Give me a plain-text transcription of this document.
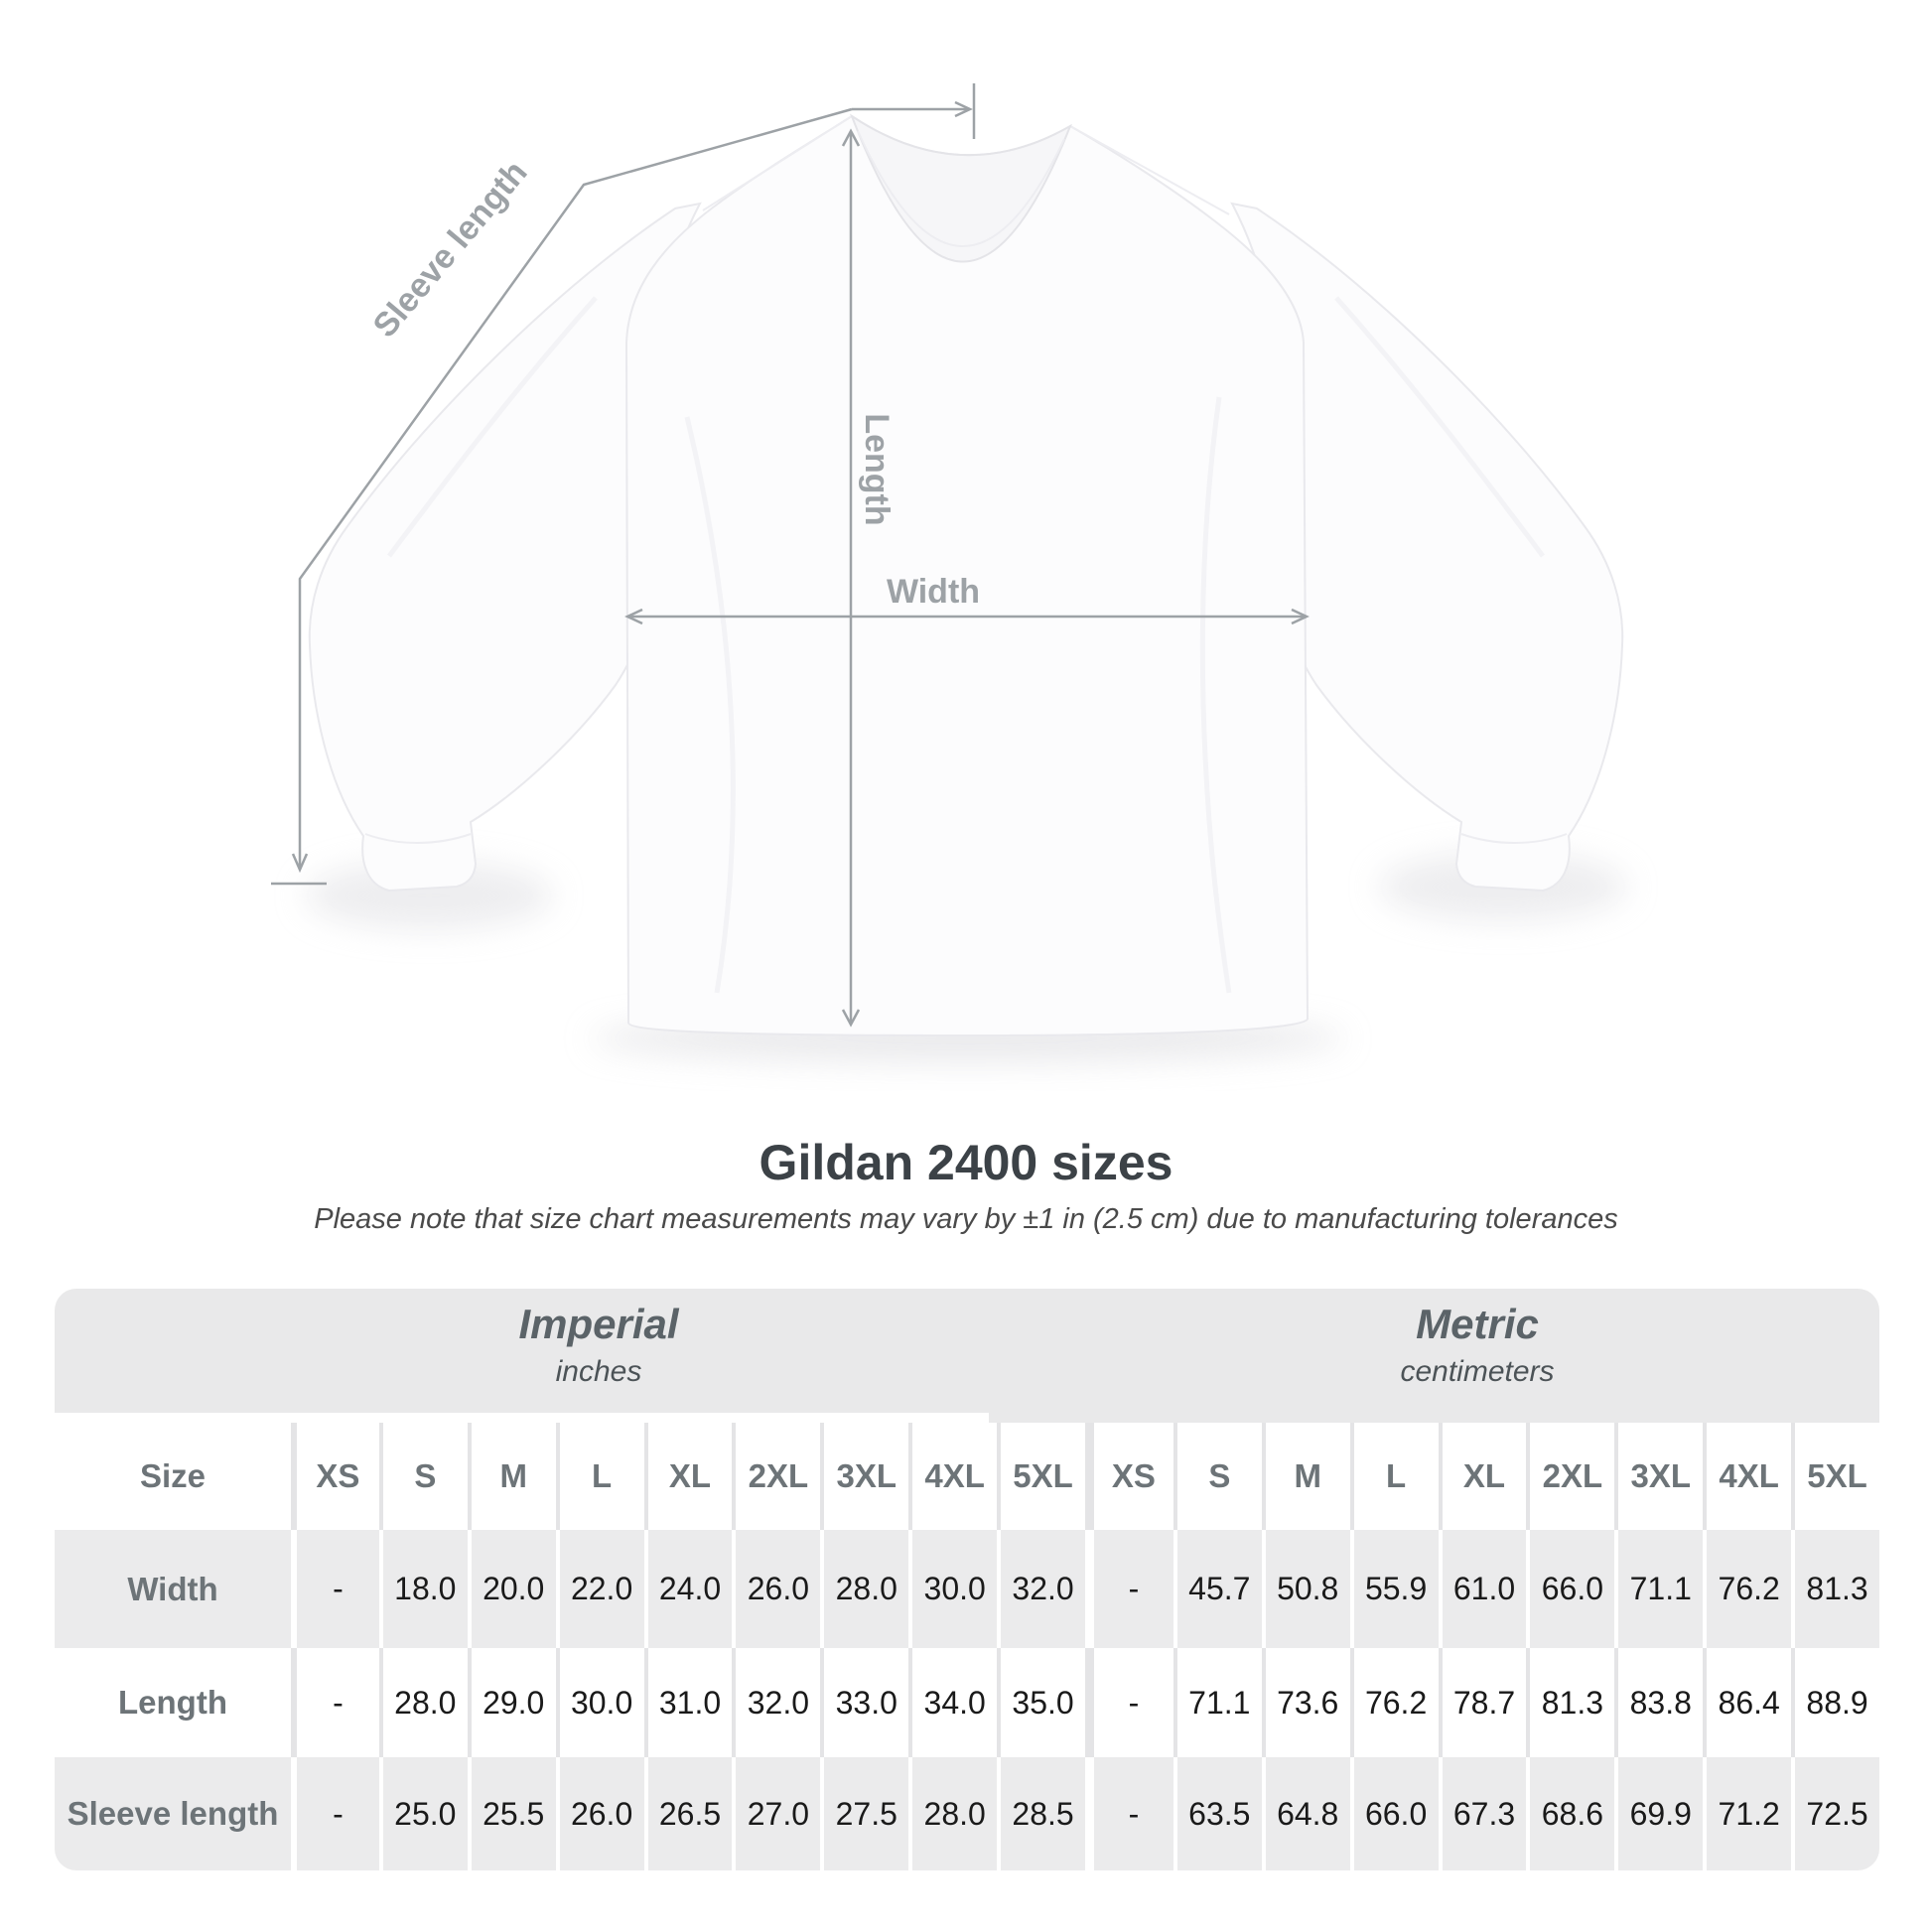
Sleeve length
Length
Width
Gildan 2400 sizes
Please note that size chart measurements may vary by ±1 in (2.5 cm) due to manufacturing tolerances
Imperial
inches
Metric
centimeters
Size	XS S M L XL 2XL 3XL 4XL 5XL XS S M L XL 2XL 3XL 4XL 5XL
Width	-	18.0 20.0 22.0 24.0 26.0 28.0 30.0 32.0	-	45.7 50.8 55.9 61.0 66.0 71.1 76.2 81.3
Length	-	28.0 29.0 30.0 31.0 32.0 33.0 34.0 35.0	-	71.1 73.6 76.2 78.7 81.3 83.8 86.4 88.9
Sleeve length	-	25.0 25.5 26.0 26.5 27.0 27.5 28.0 28.5	-	63.5 64.8 66.0 67.3 68.6 69.9 71.2 72.5
